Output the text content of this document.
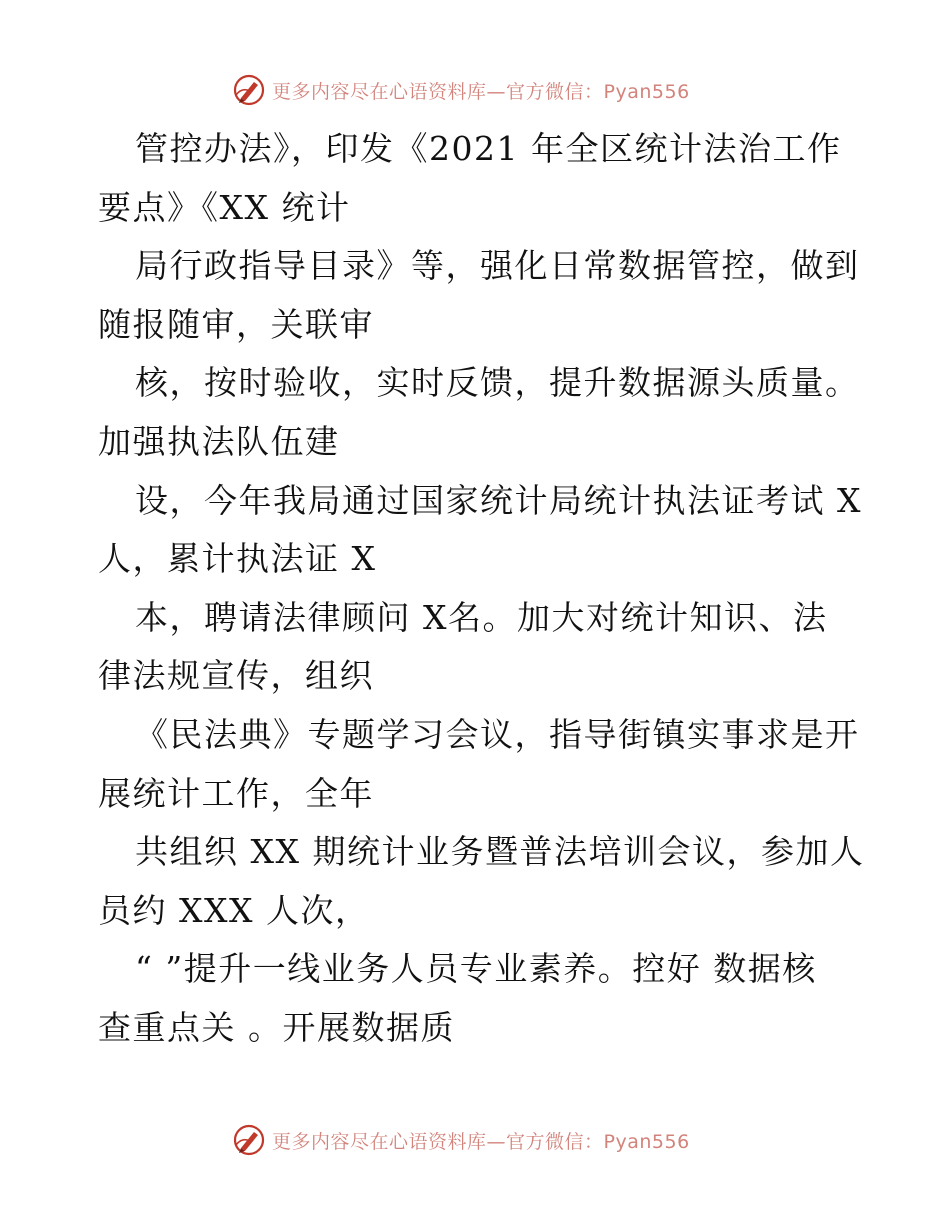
更多内容尽在心语资料库—官方微信：Pyan556
管控办法》，印发《2021 年全区统计法治工作
要点》《XX 统计
局行政指导目录》等，强化日常数据管控，做到
随报随审，关联审
核，按时验收，实时反馈，提升数据源头质量。
加强执法队伍建
设，今年我局通过国家统计局统计执法证考试 X
人，累计执法证 X
本，聘请法律顾问 X名。加大对统计知识、法
律法规宣传，组织
《民法典》专题学习会议，指导街镇实事求是开
展统计工作，全年
共组织 XX 期统计业务暨普法培训会议，参加人
员约 XXX 人次，
“ ”提升一线业务人员专业素养。控好 数据核
查重点关 。开展数据质
更多内容尽在心语资料库—官方微信：Pyan556
